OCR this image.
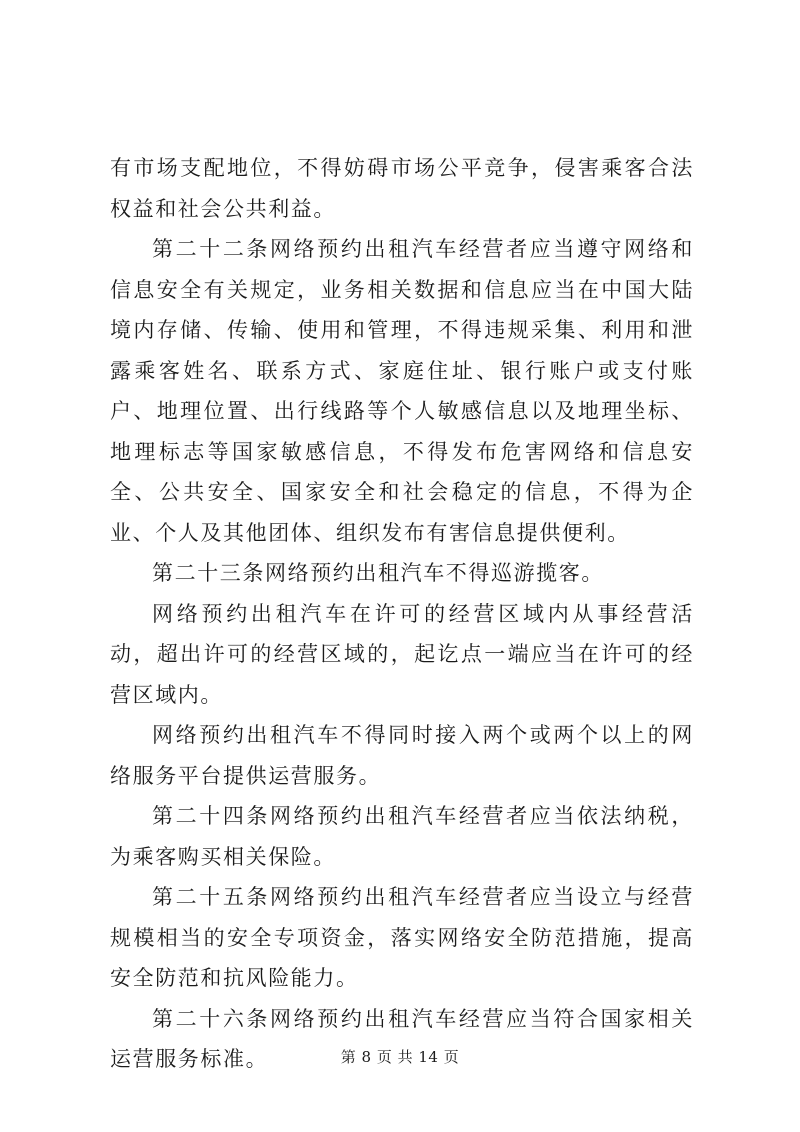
有市场支配地位，不得妨碍市场公平竞争，侵害乘客合法权益和社会公共利益。

第二十二条网络预约出租汽车经营者应当遵守网络和信息安全有关规定，业务相关数据和信息应当在中国大陆境内存储、传输、使用和管理，不得违规采集、利用和泄露乘客姓名、联系方式、家庭住址、银行账户或支付账户、地理位置、出行线路等个人敏感信息以及地理坐标、地理标志等国家敏感信息，不得发布危害网络和信息安全、公共安全、国家安全和社会稳定的信息，不得为企业、个人及其他团体、组织发布有害信息提供便利。

第二十三条网络预约出租汽车不得巡游揽客。

网络预约出租汽车在许可的经营区域内从事经营活动，超出许可的经营区域的，起讫点一端应当在许可的经营区域内。

网络预约出租汽车不得同时接入两个或两个以上的网络服务平台提供运营服务。

第二十四条网络预约出租汽车经营者应当依法纳税，为乘客购买相关保险。

第二十五条网络预约出租汽车经营者应当设立与经营规模相当的安全专项资金，落实网络安全防范措施，提高安全防范和抗风险能力。

第二十六条网络预约出租汽车经营应当符合国家相关运营服务标准。	第 8 页 共 14 页
